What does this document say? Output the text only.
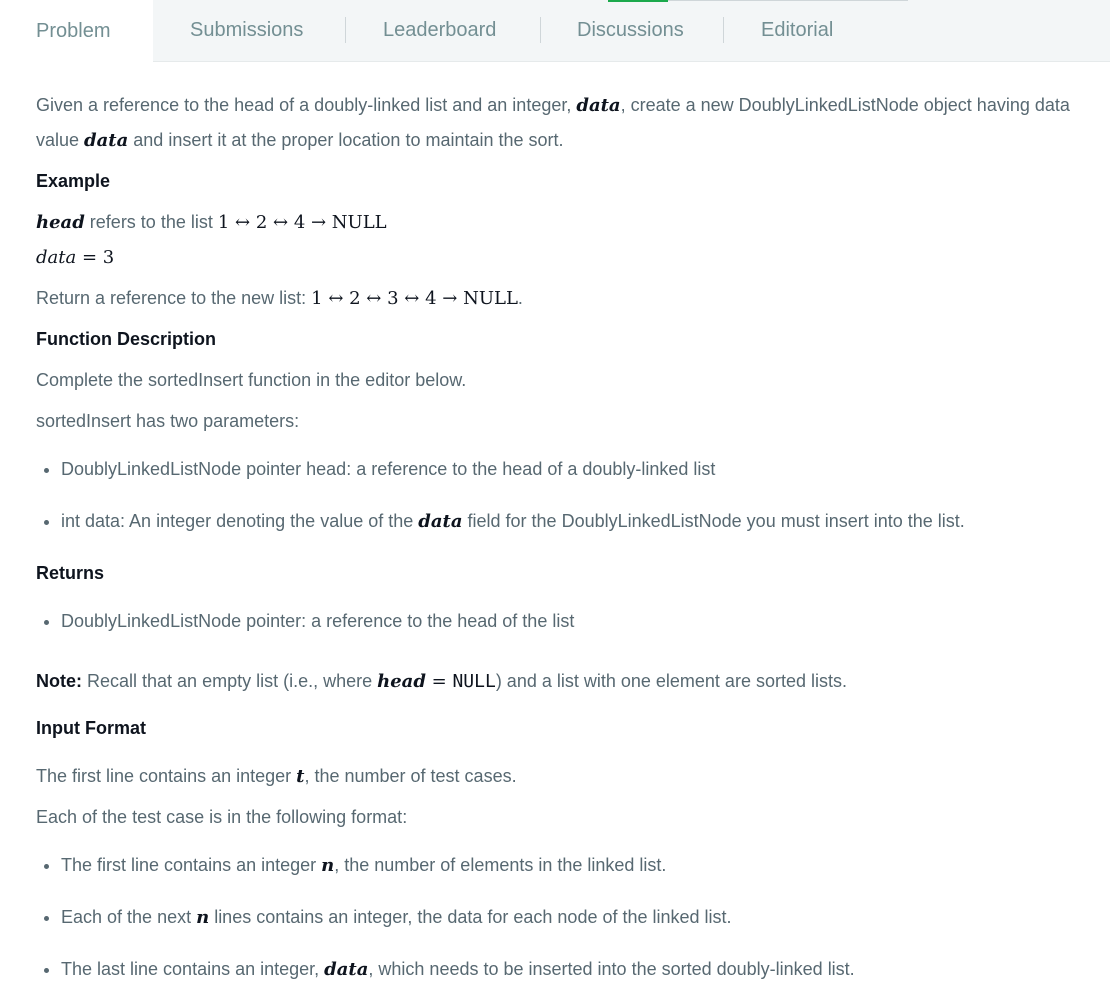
Problem	Submissions	Leaderboard	Discussions	Editorial

Given a reference to the head of a doubly-linked list and an integer, data, create a new DoublyLinkedListNode object having data value data and insert it at the proper location to maintain the sort.

Example

head refers to the list 1 ↔ 2 ↔ 4 → NULL

data = 3

Return a reference to the new list: 1 ↔ 2 ↔ 3 ↔ 4 → NULL.

Function Description

Complete the sortedInsert function in the editor below.

sortedInsert has two parameters:

• DoublyLinkedListNode pointer head: a reference to the head of a doubly-linked list
• int data: An integer denoting the value of the data field for the DoublyLinkedListNode you must insert into the list.

Returns

• DoublyLinkedListNode pointer: a reference to the head of the list

Note: Recall that an empty list (i.e., where head = NULL) and a list with one element are sorted lists.

Input Format

The first line contains an integer t, the number of test cases.

Each of the test case is in the following format:

• The first line contains an integer n, the number of elements in the linked list.
• Each of the next n lines contains an integer, the data for each node of the linked list.
• The last line contains an integer, data, which needs to be inserted into the sorted doubly-linked list.
